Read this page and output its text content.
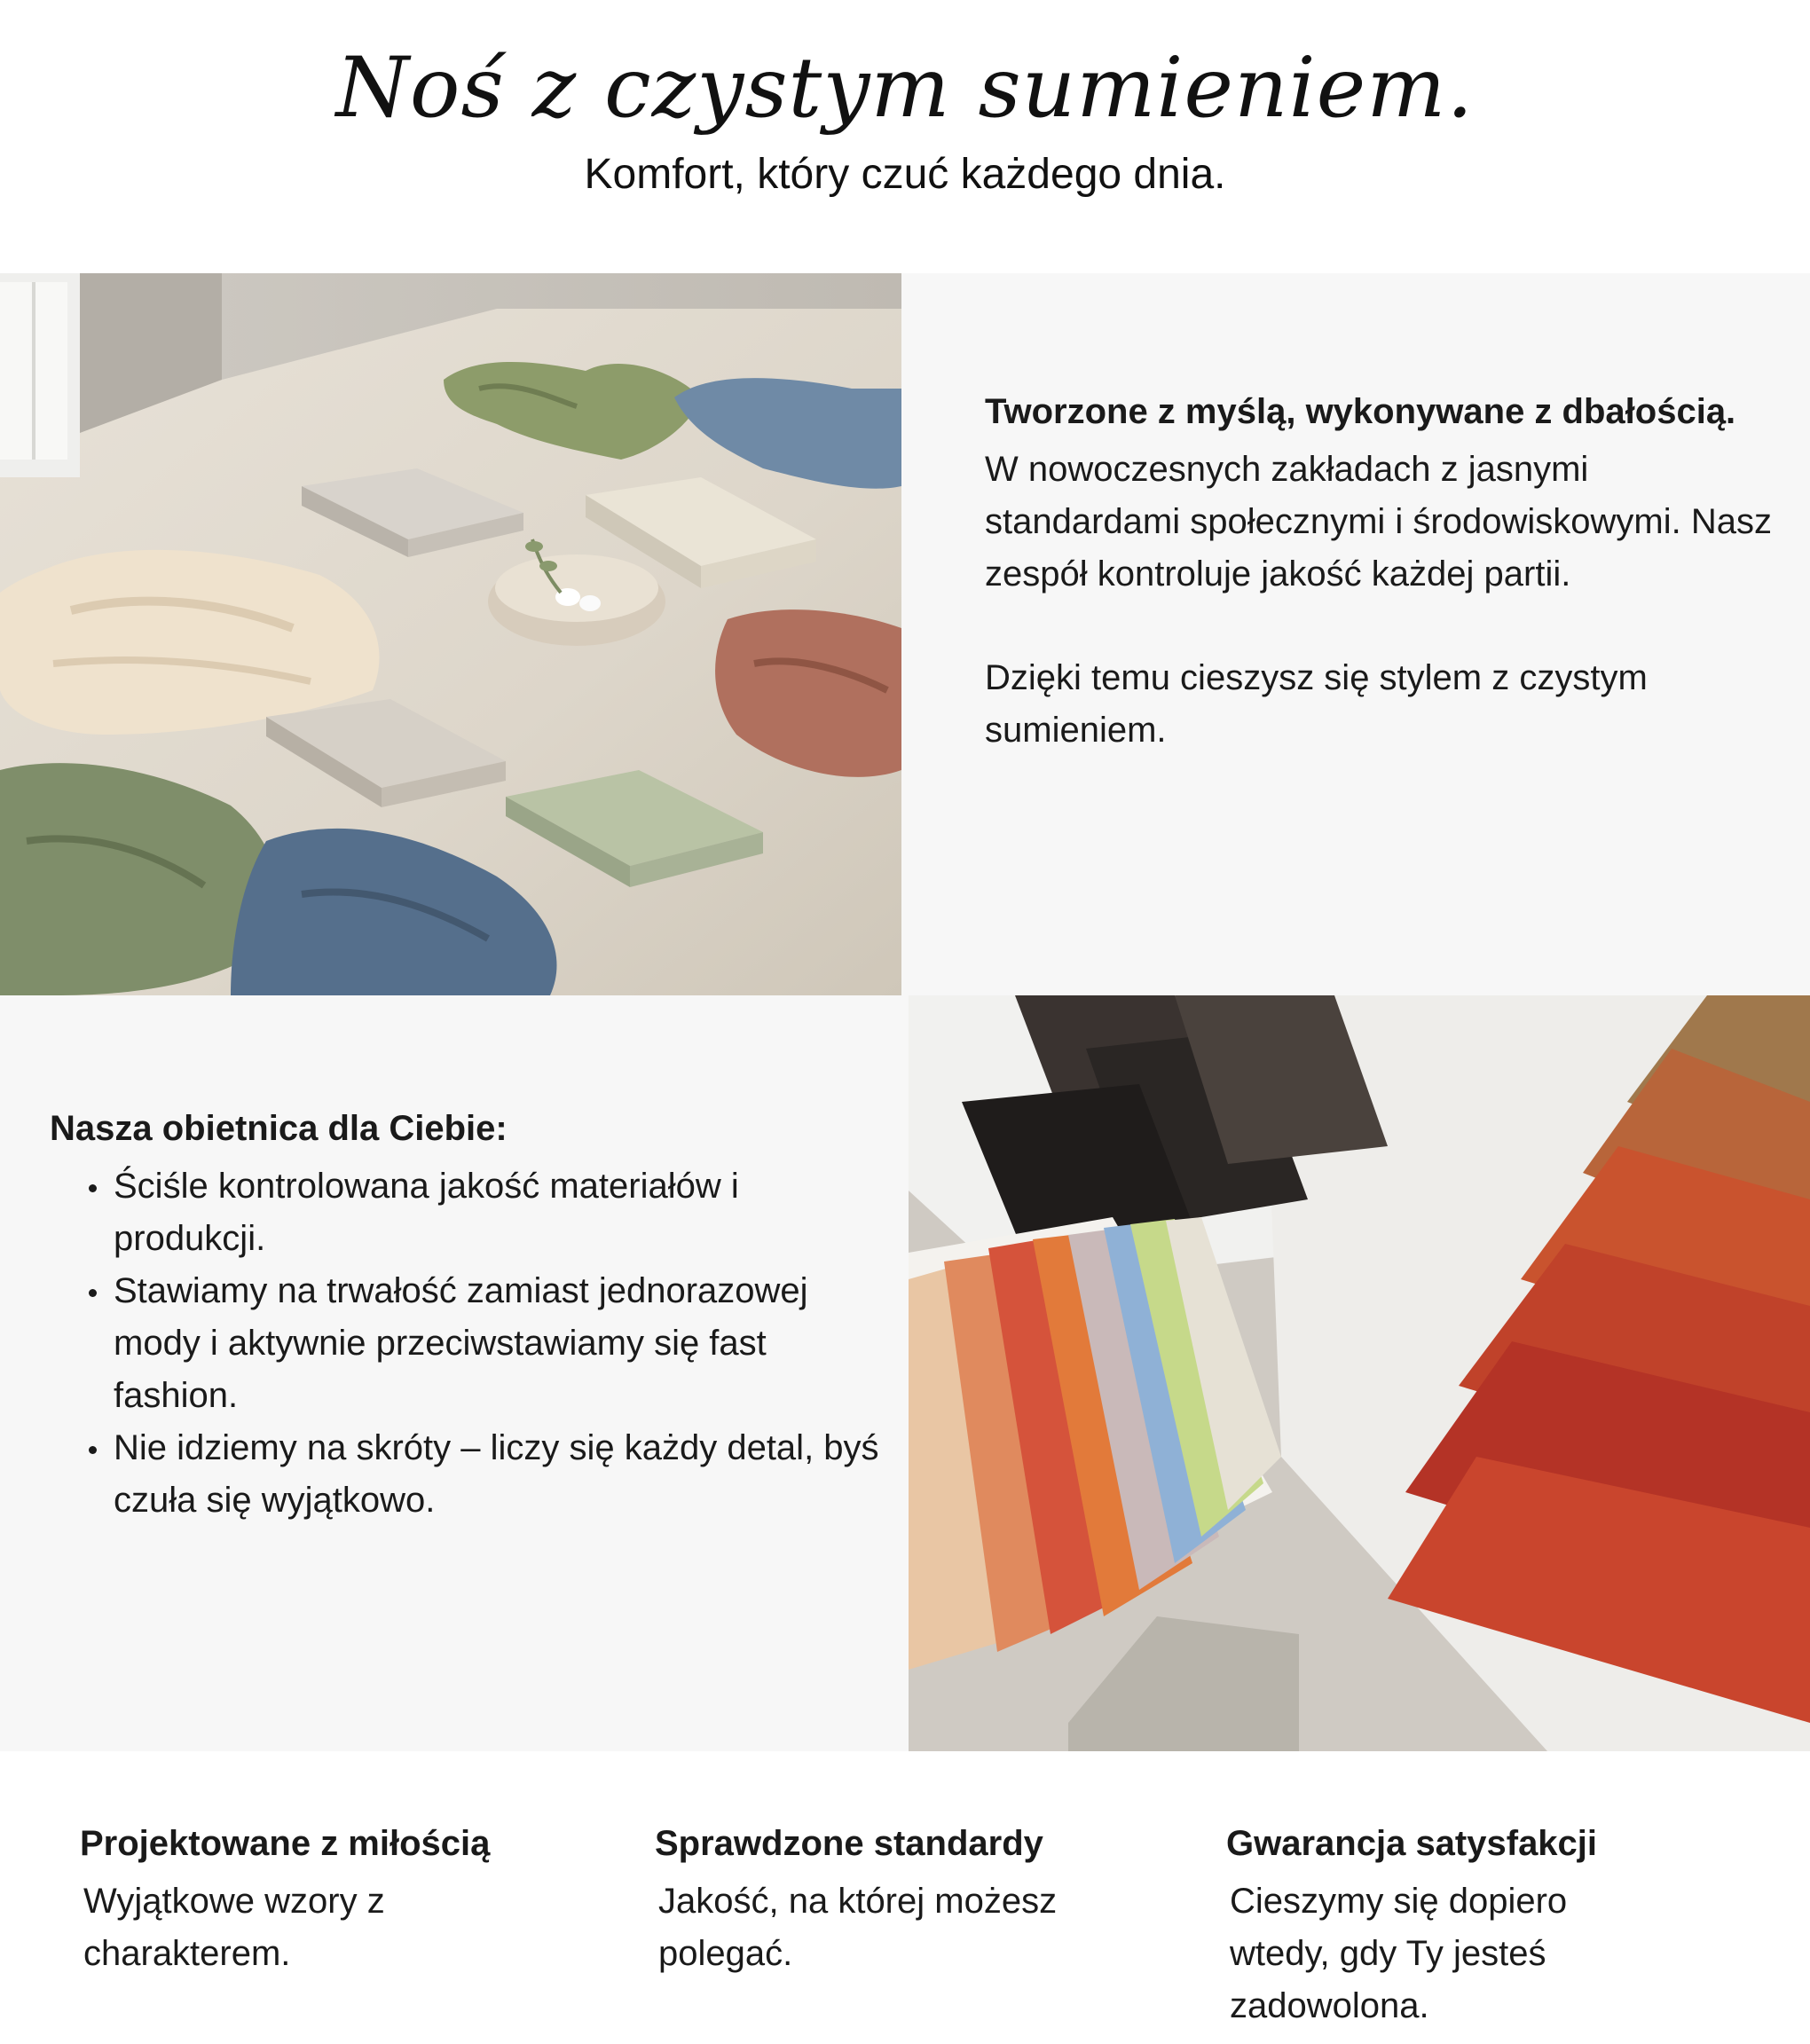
Noś z czystym sumieniem.

Komfort, który czuć każdego dnia.

Tworzone z myślą, wykonywane z dbałością.

W nowoczesnych zakładach z jasnymi standardami społecznymi i środowiskowymi. Nasz zespół kontroluje jakość każdej partii.

Dzięki temu cieszysz się stylem z czystym sumieniem.

Nasza obietnica dla Ciebie:
Ściśle kontrolowana jakość materiałów i produkcji.
Stawiamy na trwałość zamiast jednorazowej mody i aktywnie przeciwstawiamy się fast fashion.
Nie idziemy na skróty – liczy się każdy detal, byś czuła się wyjątkowo.
Projektowane z miłością

Wyjątkowe wzory z charakterem.

Sprawdzone standardy

Jakość, na której możesz polegać.

Gwarancja satysfakcji

Cieszymy się dopiero wtedy, gdy Ty jesteś zadowolona.
